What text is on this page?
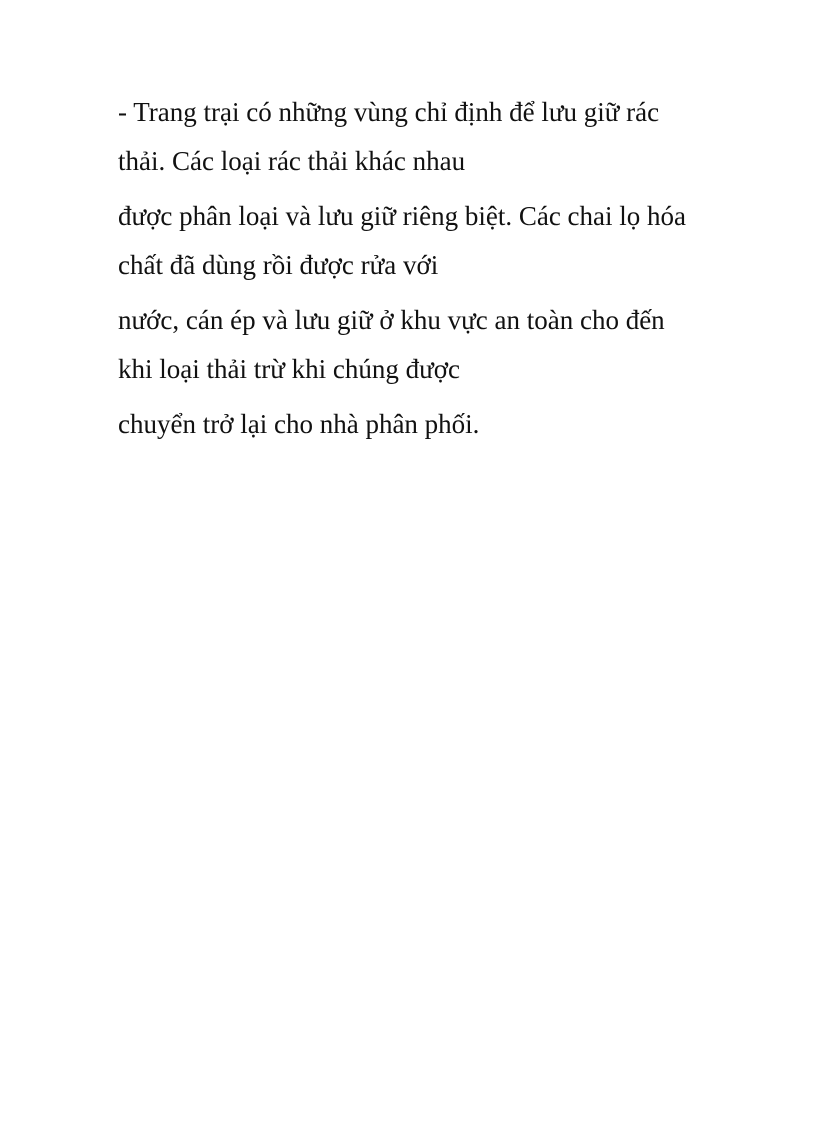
- Trang trại có những vùng chỉ định để lưu giữ rác

thải. Các loại rác thải khác nhau

được phân loại và lưu giữ riêng biệt. Các chai lọ hóa

chất đã dùng rồi được rửa với

nước, cán ép và lưu giữ ở khu vực an toàn cho đến

khi loại thải trừ khi chúng được

chuyển trở lại cho nhà phân phối.
